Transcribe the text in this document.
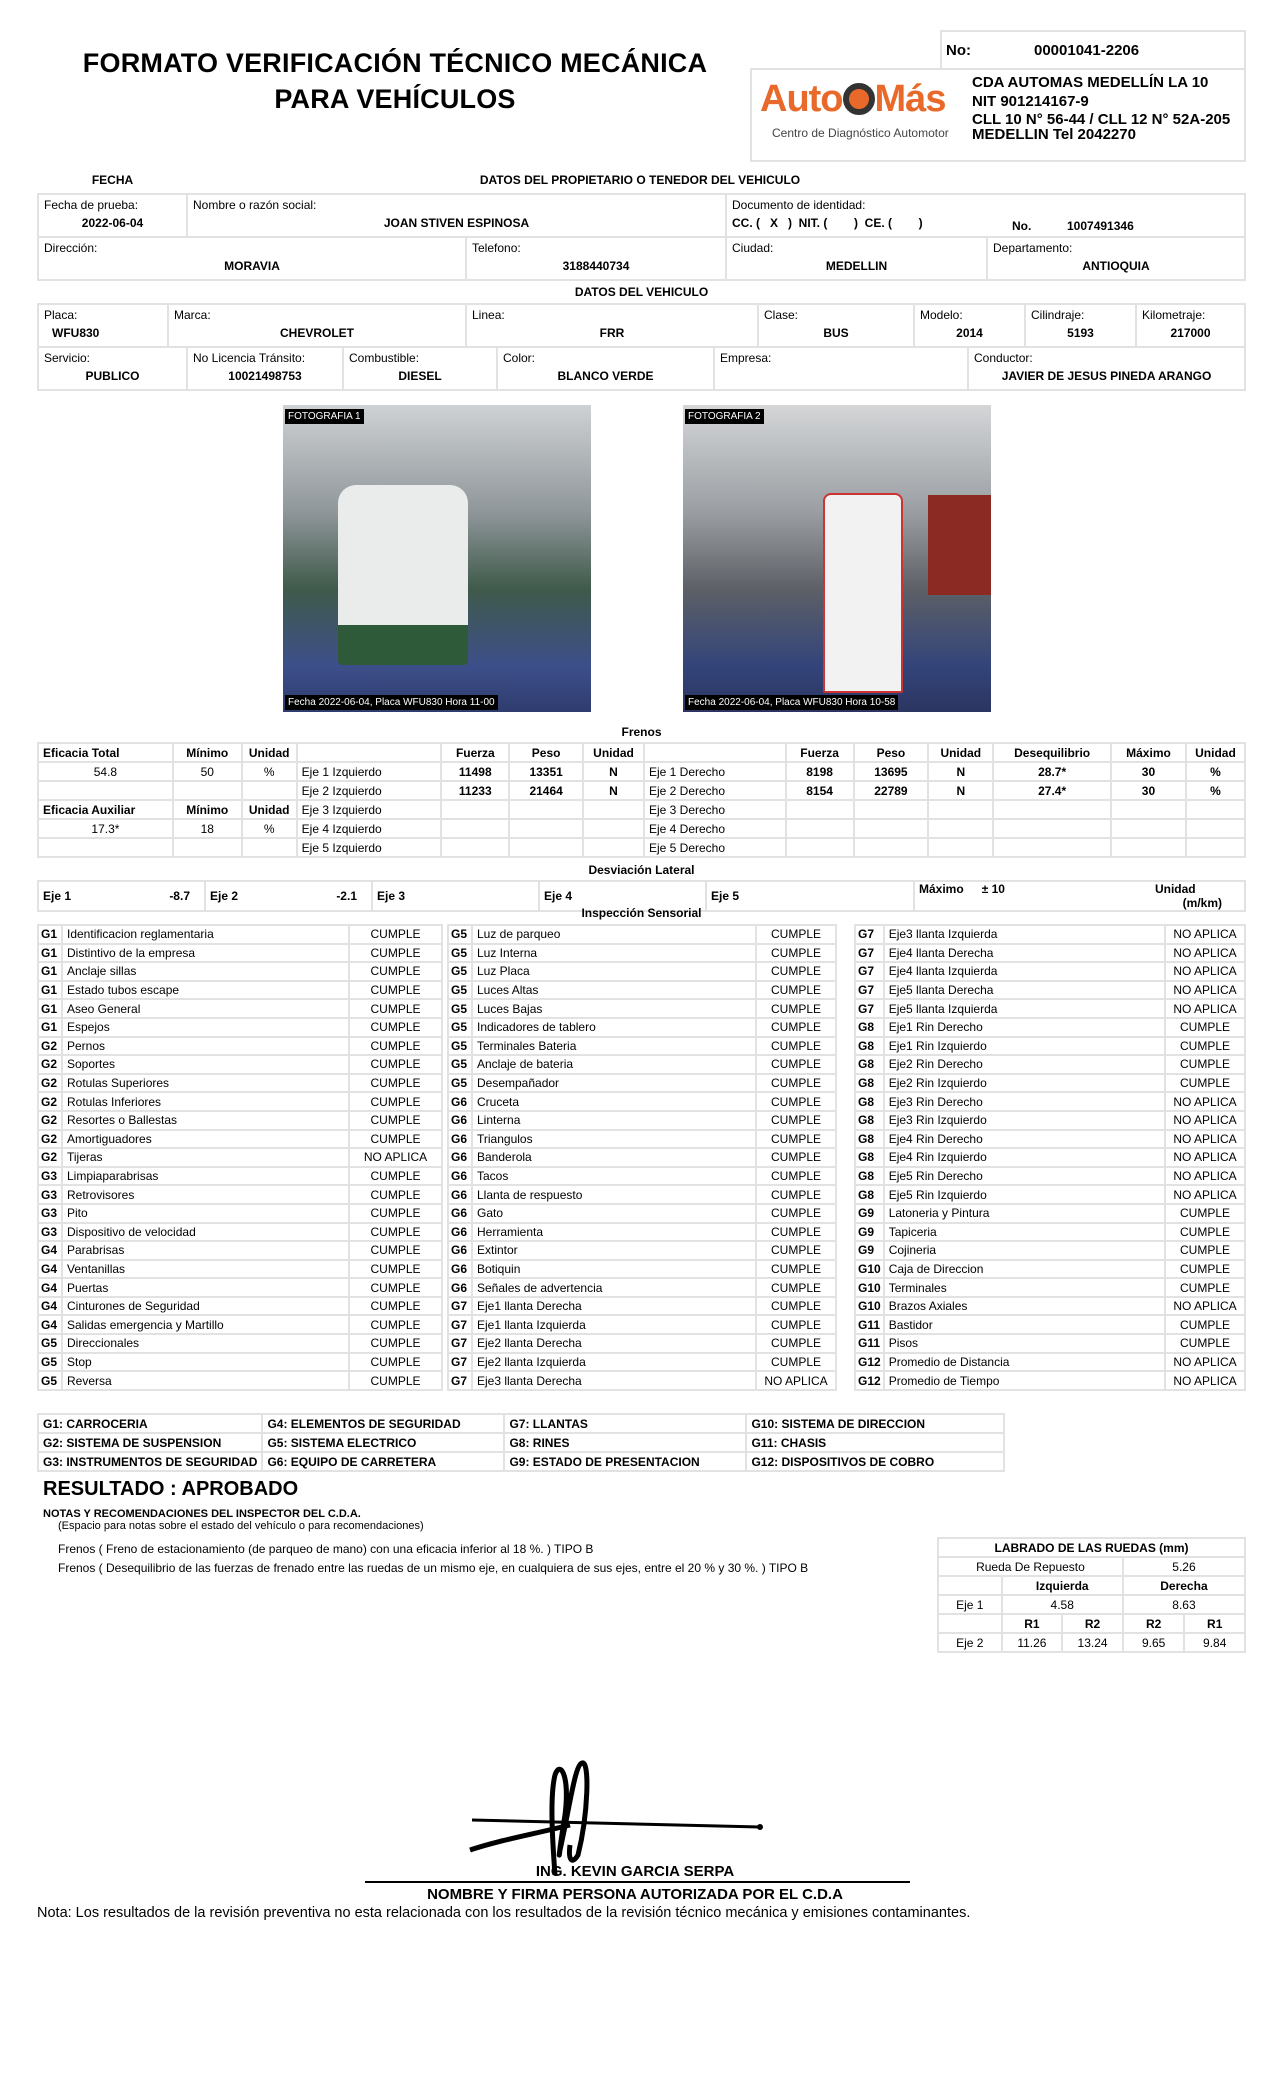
FORMATO VERIFICACIÓN TÉCNICO MECÁNICA
PARA VEHÍCULOS
No:	00001041-2206
Auto Más
Centro de Diagnóstico Automotor
CDA AUTOMAS MEDELLÍN LA 10
NIT 901214167-9
CLL 10 N° 56-44 / CLL 12 N° 52A-205 MEDELLIN Tel 2042270
FECHA	DATOS DEL PROPIETARIO O TENEDOR DEL VEHICULO
Fecha de prueba:
2022-06-04
Nombre o razón social:
JOAN STIVEN ESPINOSA
Documento de identidad:
CC. (   X   )  NIT. (        )  CE. (        )	No.	1007491346
Dirección:
MORAVIA
Telefono:
3188440734
Ciudad:
MEDELLIN
Departamento:
ANTIOQUIA
DATOS DEL VEHICULO
Placa:
WFU830
Marca:
CHEVROLET
Linea:
FRR
Clase:
BUS
Modelo:
2014
Cilindraje:
5193
Kilometraje:
217000
Servicio:
PUBLICO
No Licencia Tránsito:
10021498753
Combustible:
DIESEL
Color:
BLANCO VERDE
Empresa:	Conductor:
JAVIER DE JESUS PINEDA ARANGO
FOTOGRAFIA 1
Fecha 2022-06-04, Placa WFU830 Hora 11-00
FOTOGRAFIA 2
Fecha 2022-06-04, Placa WFU830 Hora 10-58
Frenos
Eficacia Total	Mínimo	Unidad		Fuerza	Peso	Unidad		Fuerza	Peso	Unidad	Desequilibrio	Máximo	Unidad
54.8	50	%	Eje 1 Izquierdo	11498	13351	N	Eje 1 Derecho	8198	13695	N	28.7*	30	%
			Eje 2 Izquierdo	11233	21464	N	Eje 2 Derecho	8154	22789	N	27.4*	30	%
Eficacia Auxiliar	Mínimo	Unidad	Eje 3 Izquierdo				Eje 3 Derecho						
17.3*	18	%	Eje 4 Izquierdo				Eje 4 Derecho						
			Eje 5 Izquierdo				Eje 5 Derecho						
Desviación Lateral
Eje 1	-8.7	Eje 2	-2.1	Eje 3	Eje 4	Eje 5	Máximo ± 10	Unidad
(m/km)
Inspección Sensorial
G1	Identificacion reglamentaria	CUMPLE
G1	Distintivo de la empresa	CUMPLE
G1	Anclaje sillas	CUMPLE
G1	Estado tubos escape	CUMPLE
G1	Aseo General	CUMPLE
G1	Espejos	CUMPLE
G2	Pernos	CUMPLE
G2	Soportes	CUMPLE
G2	Rotulas Superiores	CUMPLE
G2	Rotulas Inferiores	CUMPLE
G2	Resortes o Ballestas	CUMPLE
G2	Amortiguadores	CUMPLE
G2	Tijeras	NO APLICA
G3	Limpiaparabrisas	CUMPLE
G3	Retrovisores	CUMPLE
G3	Pito	CUMPLE
G3	Dispositivo de velocidad	CUMPLE
G4	Parabrisas	CUMPLE
G4	Ventanillas	CUMPLE
G4	Puertas	CUMPLE
G4	Cinturones de Seguridad	CUMPLE
G4	Salidas emergencia y Martillo	CUMPLE
G5	Direccionales	CUMPLE
G5	Stop	CUMPLE
G5	Reversa	CUMPLE
G5	Luz de parqueo	CUMPLE
G5	Luz Interna	CUMPLE
G5	Luz Placa	CUMPLE
G5	Luces Altas	CUMPLE
G5	Luces Bajas	CUMPLE
G5	Indicadores de tablero	CUMPLE
G5	Terminales Bateria	CUMPLE
G5	Anclaje de bateria	CUMPLE
G5	Desempañador	CUMPLE
G6	Cruceta	CUMPLE
G6	Linterna	CUMPLE
G6	Triangulos	CUMPLE
G6	Banderola	CUMPLE
G6	Tacos	CUMPLE
G6	Llanta de respuesto	CUMPLE
G6	Gato	CUMPLE
G6	Herramienta	CUMPLE
G6	Extintor	CUMPLE
G6	Botiquin	CUMPLE
G6	Señales de advertencia	CUMPLE
G7	Eje1 llanta Derecha	CUMPLE
G7	Eje1 llanta Izquierda	CUMPLE
G7	Eje2 llanta Derecha	CUMPLE
G7	Eje2 llanta Izquierda	CUMPLE
G7	Eje3 llanta Derecha	NO APLICA
G7	Eje3 llanta Izquierda	NO APLICA
G7	Eje4 llanta Derecha	NO APLICA
G7	Eje4 llanta Izquierda	NO APLICA
G7	Eje5 llanta Derecha	NO APLICA
G7	Eje5 llanta Izquierda	NO APLICA
G8	Eje1 Rin Derecho	CUMPLE
G8	Eje1 Rin Izquierdo	CUMPLE
G8	Eje2 Rin Derecho	CUMPLE
G8	Eje2 Rin Izquierdo	CUMPLE
G8	Eje3 Rin Derecho	NO APLICA
G8	Eje3 Rin Izquierdo	NO APLICA
G8	Eje4 Rin Derecho	NO APLICA
G8	Eje4 Rin Izquierdo	NO APLICA
G8	Eje5 Rin Derecho	NO APLICA
G8	Eje5 Rin Izquierdo	NO APLICA
G9	Latoneria y Pintura	CUMPLE
G9	Tapiceria	CUMPLE
G9	Cojineria	CUMPLE
G10	Caja de Direccion	CUMPLE
G10	Terminales	CUMPLE
G10	Brazos Axiales	NO APLICA
G11	Bastidor	CUMPLE
G11	Pisos	CUMPLE
G12	Promedio de Distancia	NO APLICA
G12	Promedio de Tiempo	NO APLICA
G1: CARROCERIA	G4: ELEMENTOS DE SEGURIDAD	G7: LLANTAS	G10: SISTEMA DE DIRECCION
G2: SISTEMA DE SUSPENSION	G5: SISTEMA ELECTRICO	G8: RINES	G11: CHASIS
G3: INSTRUMENTOS DE SEGURIDAD	G6: EQUIPO DE CARRETERA	G9: ESTADO DE PRESENTACION	G12: DISPOSITIVOS DE COBRO
RESULTADO : APROBADO
NOTAS Y RECOMENDACIONES DEL INSPECTOR DEL C.D.A.
(Espacio para notas sobre el estado del vehículo o para recomendaciones)
Frenos ( Freno de estacionamiento (de parqueo de mano) con una eficacia inferior al 18 %. ) TIPO B
Frenos ( Desequilibrio de las fuerzas de frenado entre las ruedas de un mismo eje, en cualquiera de sus ejes, entre el 20 % y 30 %. ) TIPO B
LABRADO DE LAS RUEDAS (mm)				
Rueda De Repuesto			5.26	
	Izquierda		Derecha	
Eje 1	4.58		8.63	
	R1	R2	R2	R1
Eje 2	11.26	13.24	9.65	9.84
ING. KEVIN GARCIA SERPA
NOMBRE Y FIRMA PERSONA AUTORIZADA POR EL C.D.A
Nota: Los resultados de la revisión preventiva no esta relacionada con los resultados de la revisión técnico mecánica y emisiones contaminantes.
